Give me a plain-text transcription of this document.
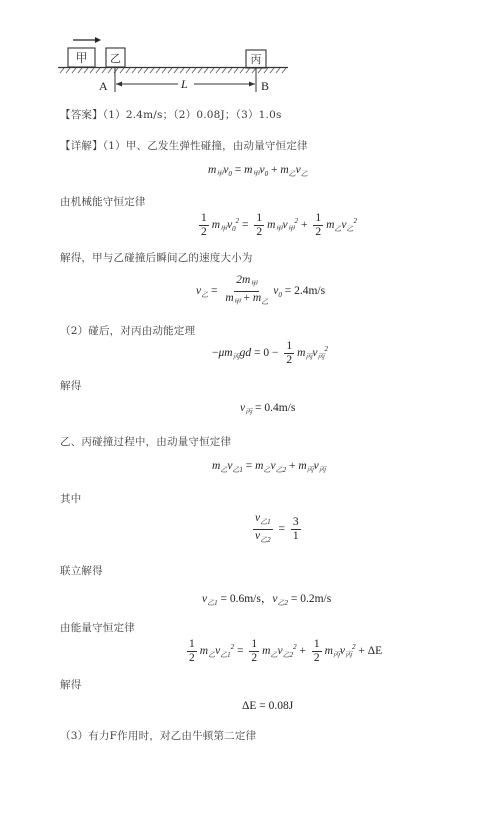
甲 乙	丙
A	B
L
【答案】（1）2.4m/s；（2）0.08J；（3）1.0s
【详解】（1）甲、乙发生弹性碰撞，由动量守恒定律
$m_甲v_0 = m_甲v_0 + m_乙v_乙$
由机械能守恒定律
$\frac{1}{2} m_甲v_0^2 = \frac{1}{2} m_甲v_甲^2 + \frac{1}{2} m_乙v_乙^2$
解得，甲与乙碰撞后瞬间乙的速度大小为
$v_乙 = \frac{2m_甲}{m_甲 + m_乙} v_0 = 2.4m/s$
（2）碰后，对丙由动能定理
$-\mu m_丙gd = 0 - \frac{1}{2} m_丙v_丙^2$
解得
$v_丙 = 0.4m/s$
乙、丙碰撞过程中，由动量守恒定律
$m_乙v_{乙1} = m_乙v_{乙2} + m_丙v_丙$
其中
$\frac{v_{乙1}}{v_{乙2}} = \frac{3}{1}$
联立解得
$v_{乙1} = 0.6m/s$，$v_{乙2} = 0.2m/s$
由能量守恒定律
$\frac{1}{2} m_乙v_{乙1}^2 = \frac{1}{2} m_乙v_{乙2}^2 + \frac{1}{2} m_丙v_丙^2 + \Delta E$
解得
ΔE = 0.08J
（3）有力F作用时，对乙由牛顿第二定律
